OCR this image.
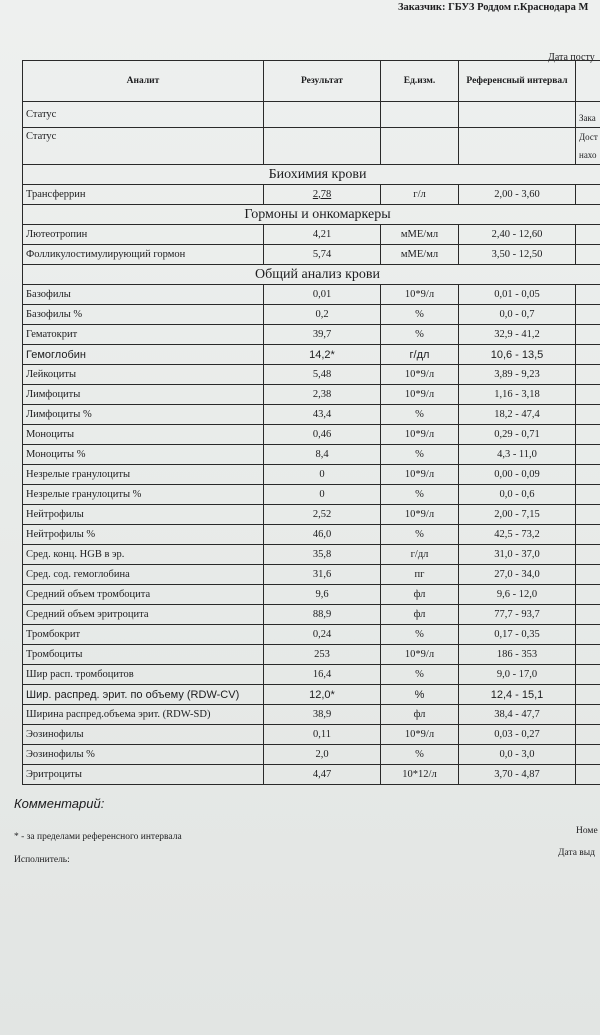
Заказчик: ГБУЗ Роддом г.Краснодара М
Дата посту
Аналит	Результат	Ед.изм.	Референсный интервал	
Статус				Зака
Статус				Дост
нахо

Биохимия крови				
Трансферрин	2,78	г/л	2,00 - 3,60	
Гормоны и онкомаркеры				
Лютеотропин	4,21	мМЕ/мл	2,40 - 12,60	
Фолликулостимулирующий гормон	5,74	мМЕ/мл	3,50 - 12,50	
Общий анализ крови				
Базофилы	0,01	10*9/л	0,01 - 0,05	
Базофилы %	0,2	%	0,0 - 0,7	
Гематокрит	39,7	%	32,9 - 41,2	
Гемоглобин	14,2*	г/дл	10,6 - 13,5	
Лейкоциты	5,48	10*9/л	3,89 - 9,23	
Лимфоциты	2,38	10*9/л	1,16 - 3,18	
Лимфоциты %	43,4	%	18,2 - 47,4	
Моноциты	0,46	10*9/л	0,29 - 0,71	
Моноциты %	8,4	%	4,3 - 11,0	
Незрелые гранулоциты	0	10*9/л	0,00 - 0,09	
Незрелые гранулоциты %	0	%	0,0 - 0,6	
Нейтрофилы	2,52	10*9/л	2,00 - 7,15	
Нейтрофилы %	46,0	%	42,5 - 73,2	
Сред. конц. HGB в эр.	35,8	г/дл	31,0 - 37,0	
Сред. сод. гемоглобина	31,6	пг	27,0 - 34,0	
Средний объем тромбоцита	9,6	фл	9,6 - 12,0	
Средний объем эритроцита	88,9	фл	77,7 - 93,7	
Тромбокрит	0,24	%	0,17 - 0,35	
Тромбоциты	253	10*9/л	186 - 353	
Шир расп. тромбоцитов	16,4	%	9,0 - 17,0	
Шир. распред. эрит. по объему (RDW-CV)	12,0*	%	12,4 - 15,1	
Ширина распред.объема эрит. (RDW-SD)	38,9	фл	38,4 - 47,7	
Эозинофилы	0,11	10*9/л	0,03 - 0,27	
Эозинофилы %	2,0	%	0,0 - 3,0	
Эритроциты	4,47	10*12/л	3,70 - 4,87	
Комментарий:
* - за пределами референсного интервала
Исполнитель:
Номе
Дата выд
